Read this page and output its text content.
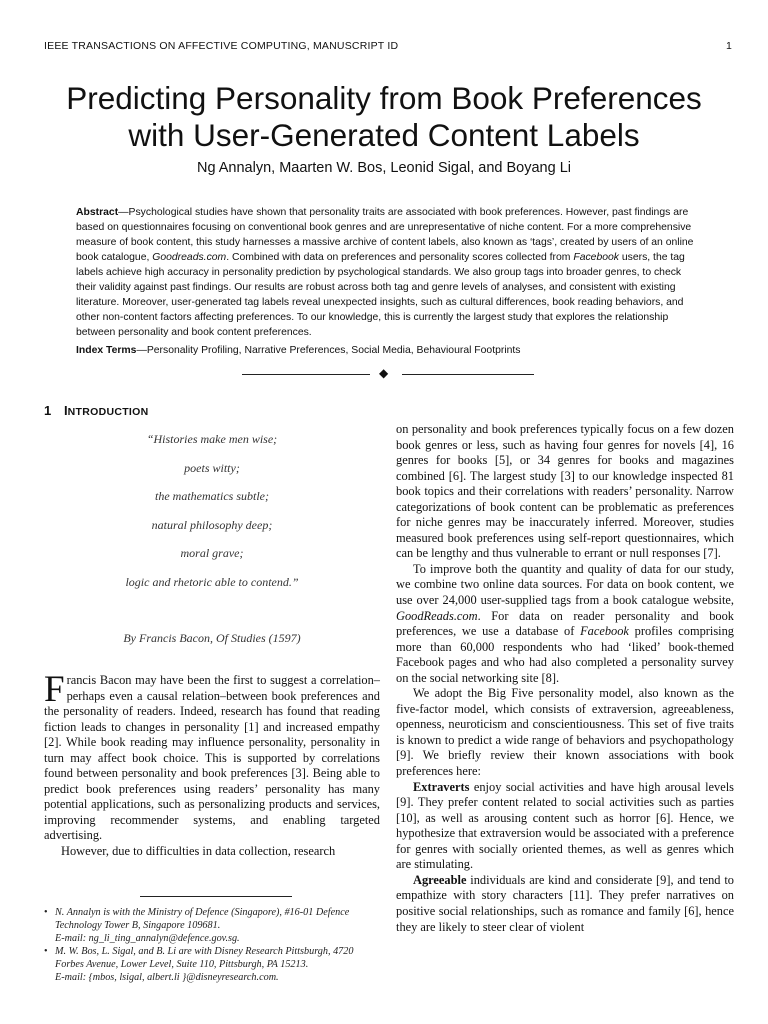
IEEE TRANSACTIONS ON AFFECTIVE COMPUTING, MANUSCRIPT ID	1
Predicting Personality from Book Preferences
with User-Generated Content Labels
Ng Annalyn, Maarten W. Bos, Leonid Sigal, and Boyang Li
Abstract—Psychological studies have shown that personality traits are associated with book preferences. However, past findings are based on questionnaires focusing on conventional book genres and are unrepresentative of niche content. For a more comprehensive measure of book content, this study harnesses a massive archive of content labels, also known as ‘tags’, created by users of an online book catalogue, Goodreads.com. Combined with data on preferences and personality scores collected from Facebook users, the tag labels achieve high accuracy in personality prediction by psychological standards. We also group tags into broader genres, to check their validity against past findings. Our results are robust across both tag and genre levels of analyses, and consistent with existing literature. Moreover, user-generated tag labels reveal unexpected insights, such as cultural differences, book reading behaviors, and other non-content factors affecting preferences. To our knowledge, this is currently the largest study that explores the relationship between personality and book content preferences.
Index Terms—Personality Profiling, Narrative Preferences, Social Media, Behavioural Footprints
◆
1 INTRODUCTION
“Histories make men wise;
poets witty;
the mathematics subtle;
natural philosophy deep;
moral grave;
logic and rhetoric able to contend.”
By Francis Bacon, Of Studies (1597)
Francis Bacon may have been the first to suggest a correlation–perhaps even a causal relation–between book preferences and the personality of readers. Indeed, research has found that reading fiction leads to changes in personality [1] and increased empathy [2]. While book reading may influence personality, personality in turn may affect book choice. This is supported by correlations found between personality and book preferences [3]. Being able to predict book preferences using readers’ personality has many potential applications, such as personalizing products and services, improving recommender systems, and enabling targeted advertising.
However, due to difficulties in data collection, research
• N. Annalyn is with the Ministry of Defence (Singapore), #16-01 Defence Technology Tower B, Singapore 109681.
E-mail: ng_li_ting_annalyn@defence.gov.sg.
• M. W. Bos, L. Sigal, and B. Li are with Disney Research Pittsburgh, 4720 Forbes Avenue, Lower Level, Suite 110, Pittsburgh, PA 15213.
E-mail: {mbos, lsigal, albert.li }@disneyresearch.com.

on personality and book preferences typically focus on a few dozen book genres or less, such as having four genres for novels [4], 16 genres for books [5], or 34 genres for books and magazines combined [6]. The largest study [3] to our knowledge inspected 81 book topics and their correlations with readers’ personality. Narrow categorizations of book content can be problematic as preferences for niche genres may be inaccurately inferred. Moreover, studies measured book preferences using self-report questionnaires, which can be lengthy and thus vulnerable to errant or null responses [7].

To improve both the quantity and quality of data for our study, we combine two online data sources. For data on book content, we use over 24,000 user-supplied tags from a book catalogue website, GoodReads.com. For data on reader personality and book preferences, we use a database of Facebook profiles comprising more than 60,000 respondents who had ‘liked’ book-themed Facebook pages and who had also completed a personality survey on the social networking site [8].

We adopt the Big Five personality model, also known as the five-factor model, which consists of extraversion, agreeableness, openness, neuroticism and conscientiousness. This set of five traits is known to predict a wide range of behaviors and psychopathology [9]. We briefly review their known associations with book preferences here:

Extraverts enjoy social activities and have high arousal levels [9]. They prefer content related to social activities such as parties [10], as well as arousing content such as horror [6]. Hence, we hypothesize that extraversion would be associated with a preference for genres with socially oriented themes, as well as genres which are stimulating.

Agreeable individuals are kind and considerate [9], and tend to empathize with story characters [11]. They prefer narratives on positive social relationships, such as romance and family [6], hence they are likely to steer clear of violent
